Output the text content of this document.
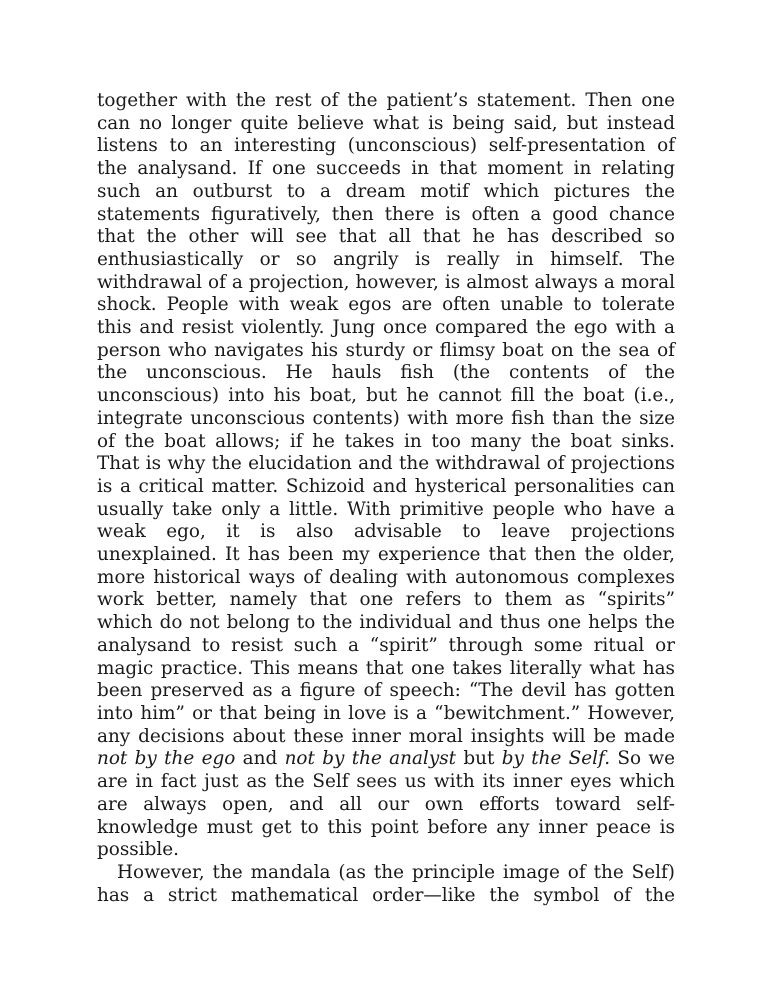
together with the rest of the patient’s statement. Then one can no longer quite believe what is being said, but instead listens to an interesting (unconscious) self-presentation of the analysand. If one succeeds in that moment in relating such an outburst to a dream motif which pictures the statements figuratively, then there is often a good chance that the other will see that all that he has described so enthusiastically or so angrily is really in himself. The withdrawal of a projection, however, is almost always a moral shock. People with weak egos are often unable to tolerate this and resist violently. Jung once compared the ego with a person who navigates his sturdy or flimsy boat on the sea of the unconscious. He hauls fish (the contents of the unconscious) into his boat, but he cannot fill the boat (i.e., integrate unconscious contents) with more fish than the size of the boat allows; if he takes in too many the boat sinks. That is why the elucidation and the withdrawal of projections is a critical matter. Schizoid and hysterical personalities can usually take only a little. With primitive people who have a weak ego, it is also advisable to leave projections unexplained. It has been my experience that then the older, more historical ways of dealing with autonomous complexes work better, namely that one refers to them as “spirits” which do not belong to the individual and thus one helps the analysand to resist such a “spirit” through some ritual or magic practice. This means that one takes literally what has been preserved as a figure of speech: “The devil has gotten into him” or that being in love is a “bewitchment.” However, any decisions about these inner moral insights will be made not by the ego and not by the analyst but by the Self. So we are in fact just as the Self sees us with its inner eyes which are always open, and all our own efforts toward self-knowledge must get to this point before any inner peace is possible.

However, the mandala (as the principle image of the Self) has a strict mathematical order—like the symbol of the
